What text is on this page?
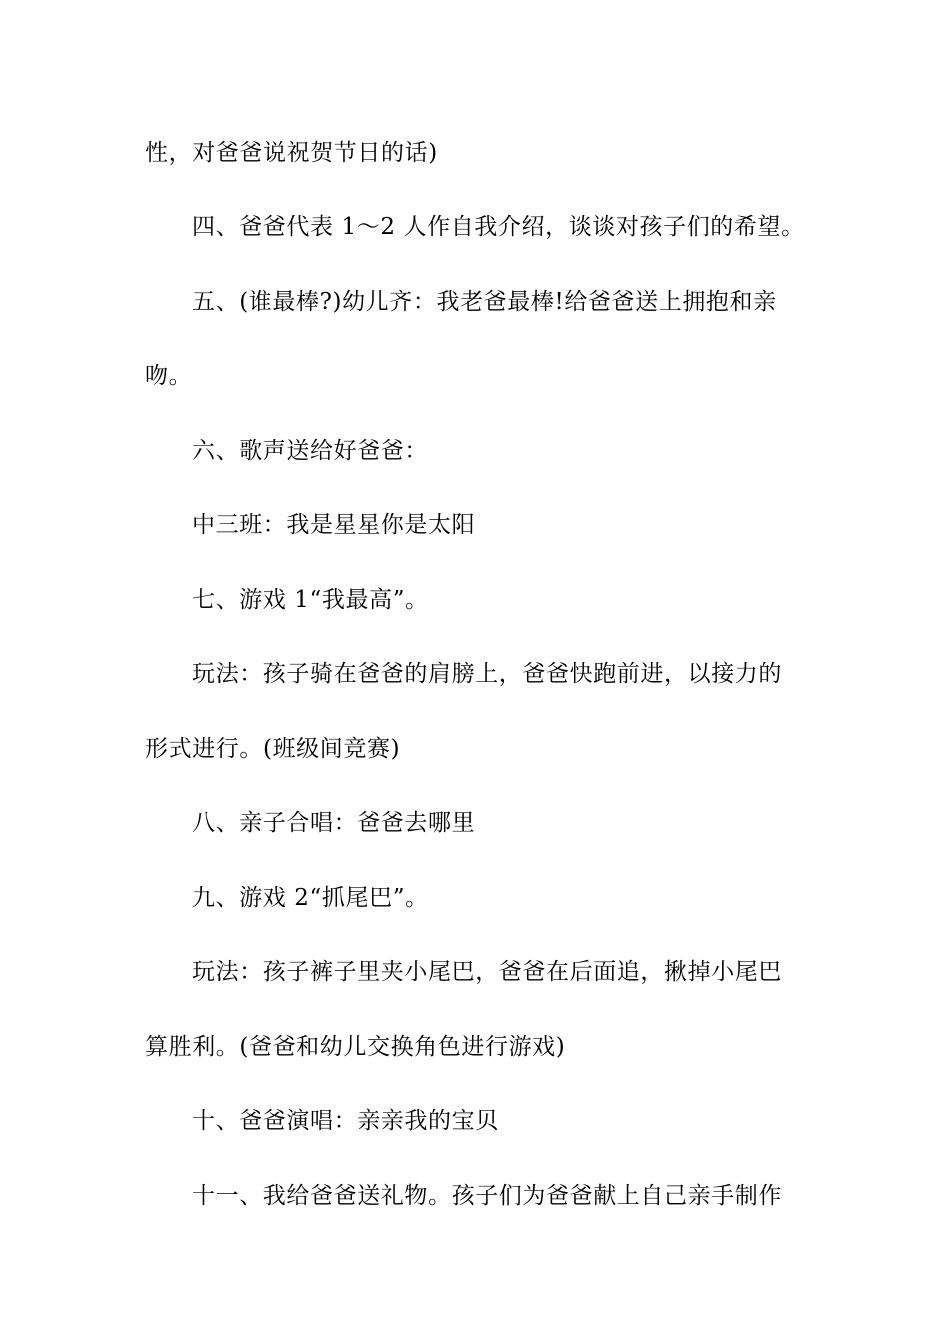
性，对爸爸说祝贺节日的话)
四、爸爸代表 1～2 人作自我介绍，谈谈对孩子们的希望。
五、(谁最棒?)幼儿齐：我老爸最棒!给爸爸送上拥抱和亲
吻。
六、歌声送给好爸爸：
中三班：我是星星你是太阳
七、游戏 1“我最高”。
玩法：孩子骑在爸爸的肩膀上，爸爸快跑前进，以接力的
形式进行。(班级间竞赛)
八、亲子合唱：爸爸去哪里
九、游戏 2“抓尾巴”。
玩法：孩子裤子里夹小尾巴，爸爸在后面追，揪掉小尾巴
算胜利。(爸爸和幼儿交换角色进行游戏)
十、爸爸演唱：亲亲我的宝贝
十一、我给爸爸送礼物。孩子们为爸爸献上自己亲手制作
